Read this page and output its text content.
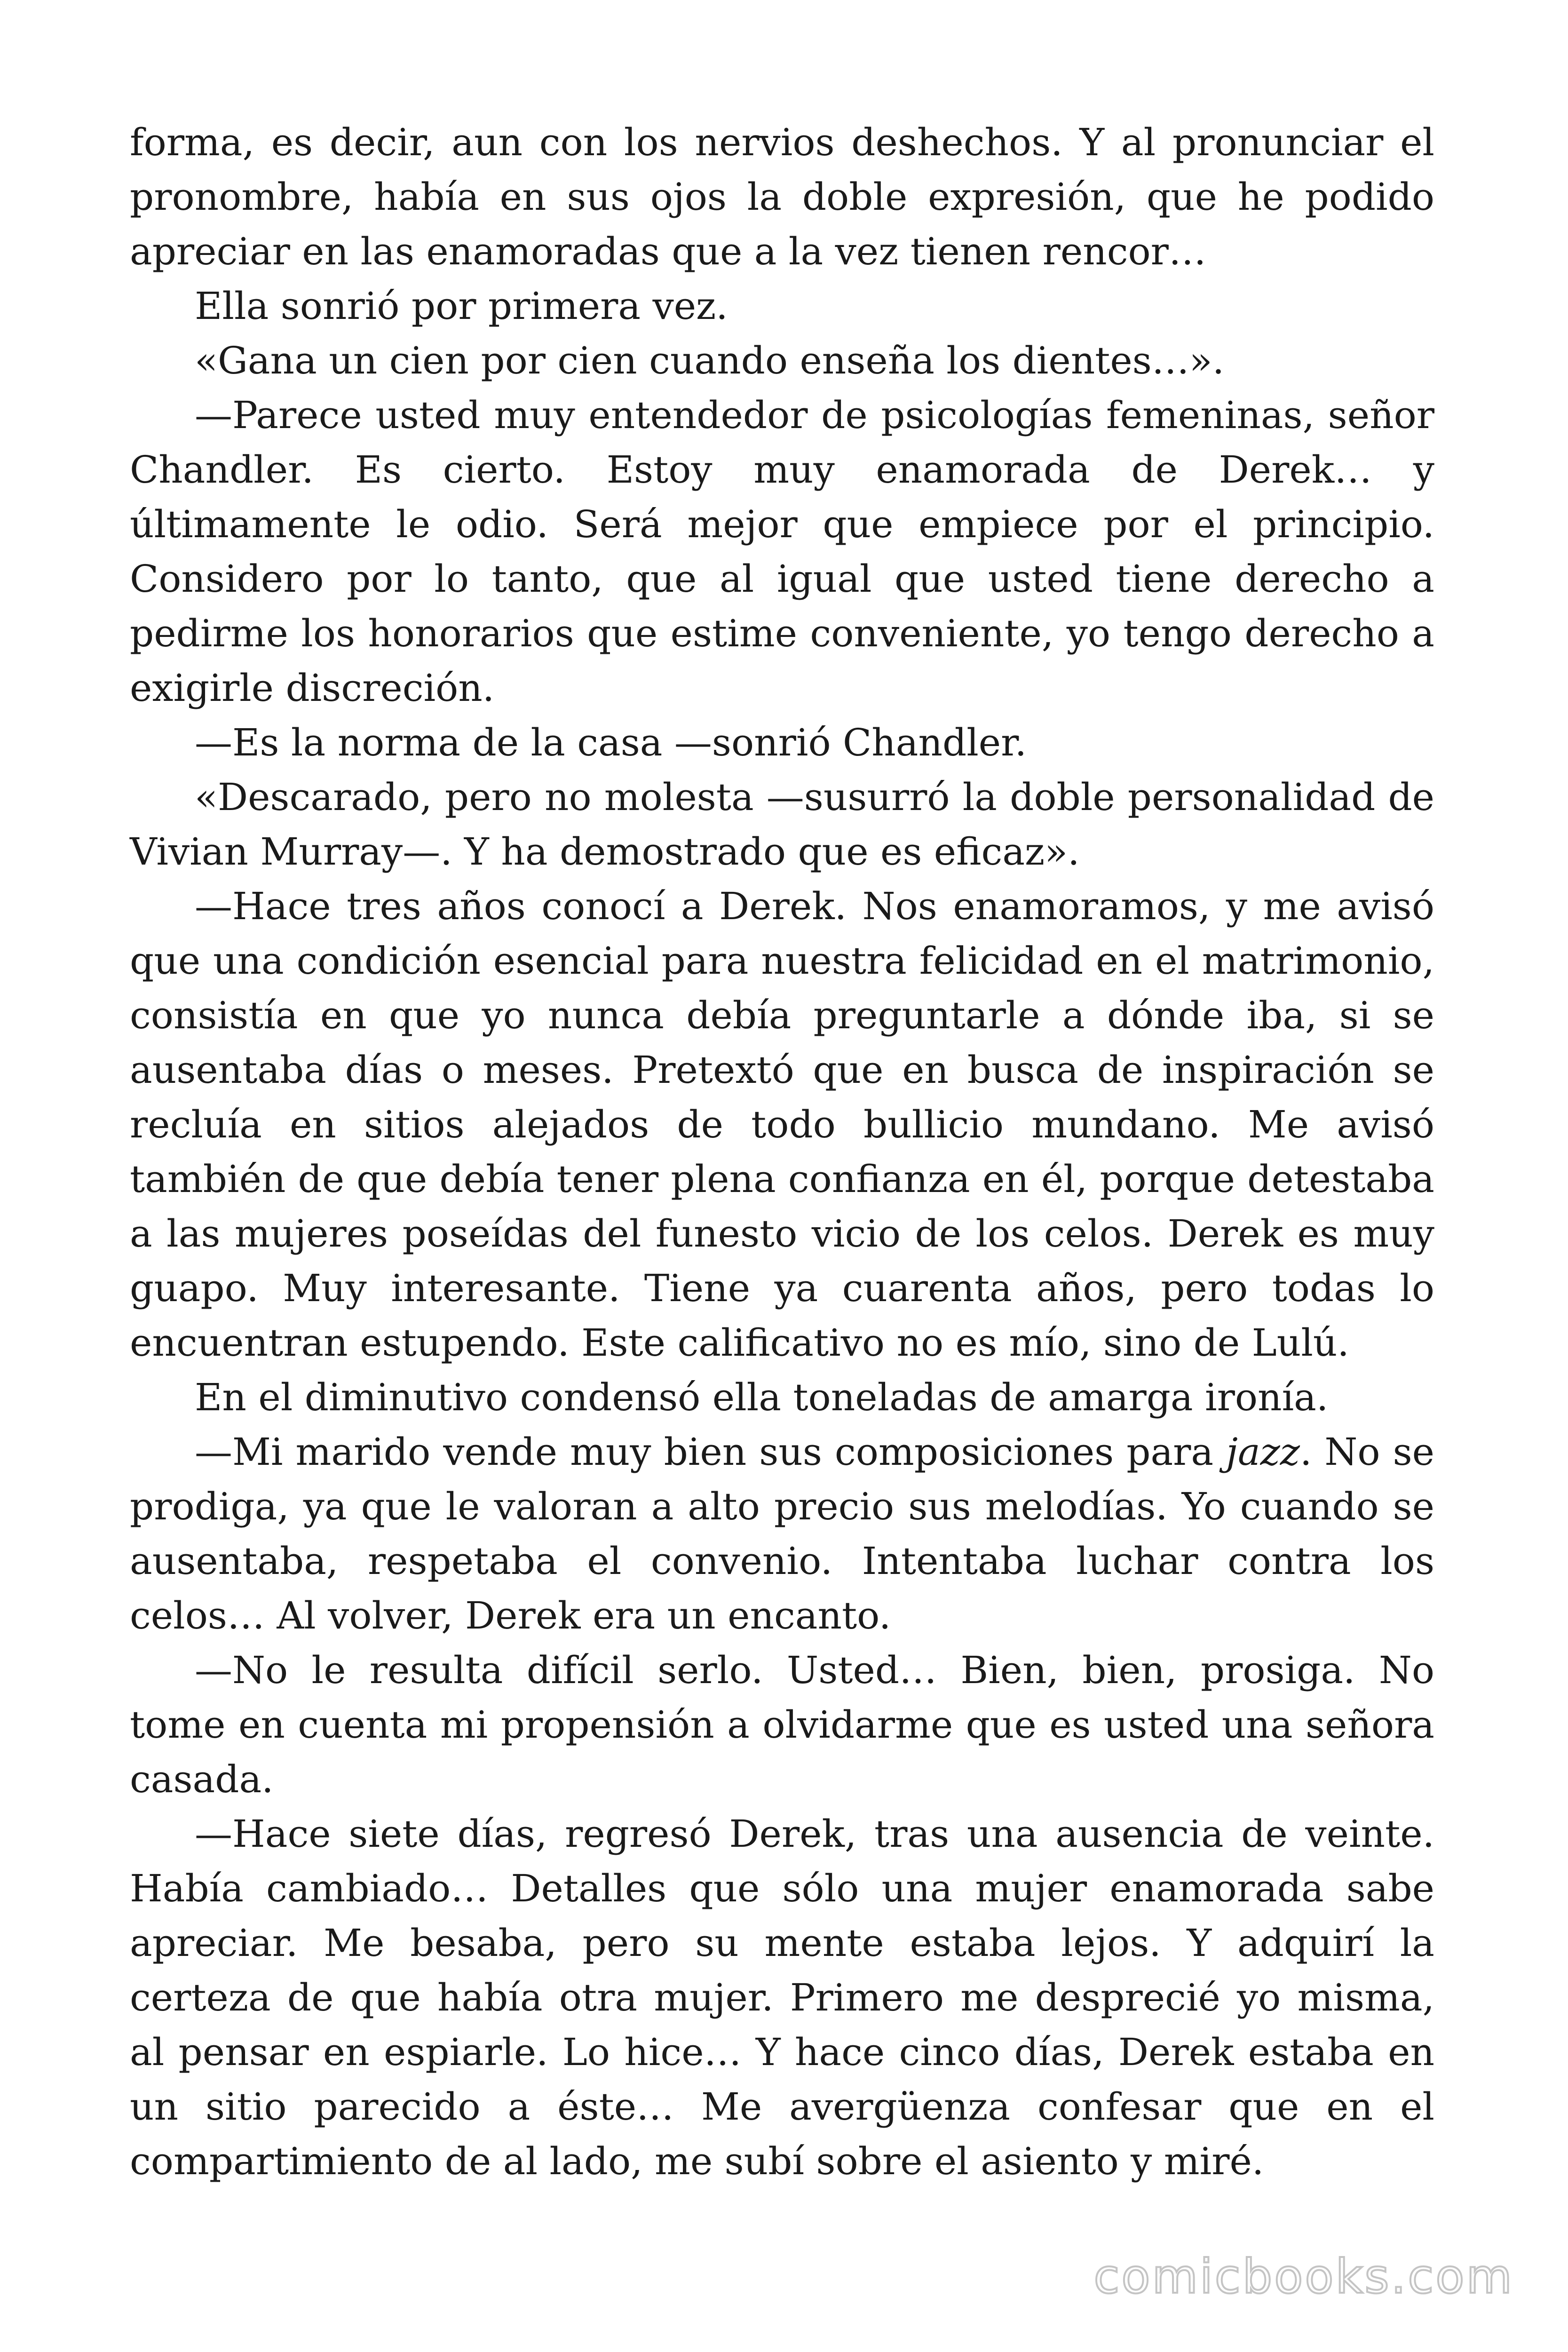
forma, es decir, aun con los nervios deshechos. Y al pronunciar el pronombre, había en sus ojos la doble expresión, que he podido apreciar en las enamoradas que a la vez tienen rencor…

Ella sonrió por primera vez.

«Gana un cien por cien cuando enseña los dientes…».

—Parece usted muy entendedor de psicologías femeninas, señor Chandler. Es cierto. Estoy muy enamorada de Derek… y últimamente le odio. Será mejor que empiece por el principio. Considero por lo tanto, que al igual que usted tiene derecho a pedirme los honorarios que estime conveniente, yo tengo derecho a exigirle discreción.

—Es la norma de la casa —sonrió Chandler.

«Descarado, pero no molesta —susurró la doble personalidad de Vivian Murray—. Y ha demostrado que es eficaz».

—Hace tres años conocí a Derek. Nos enamoramos, y me avisó que una condición esencial para nuestra felicidad en el matrimonio, consistía en que yo nunca debía preguntarle a dónde iba, si se ausentaba días o meses. Pretextó que en busca de inspiración se recluía en sitios alejados de todo bullicio mundano. Me avisó también de que debía tener plena confianza en él, porque detestaba a las mujeres poseídas del funesto vicio de los celos. Derek es muy guapo. Muy interesante. Tiene ya cuarenta años, pero todas lo encuentran estupendo. Este calificativo no es mío, sino de Lulú.

En el diminutivo condensó ella toneladas de amarga ironía.

—Mi marido vende muy bien sus composiciones para jazz. No se prodiga, ya que le valoran a alto precio sus melodías. Yo cuando se ausentaba, respetaba el convenio. Intentaba luchar contra los celos… Al volver, Derek era un encanto.

—No le resulta difícil serlo. Usted… Bien, bien, prosiga. No tome en cuenta mi propensión a olvidarme que es usted una señora casada.

—Hace siete días, regresó Derek, tras una ausencia de veinte. Había cambiado… Detalles que sólo una mujer enamorada sabe apreciar. Me besaba, pero su mente estaba lejos. Y adquirí la certeza de que había otra mujer. Primero me desprecié yo misma, al pensar en espiarle. Lo hice… Y hace cinco días, Derek estaba en un sitio parecido a éste… Me avergüenza confesar que en el compartimiento de al lado, me subí sobre el asiento y miré.

comicbooks.com
